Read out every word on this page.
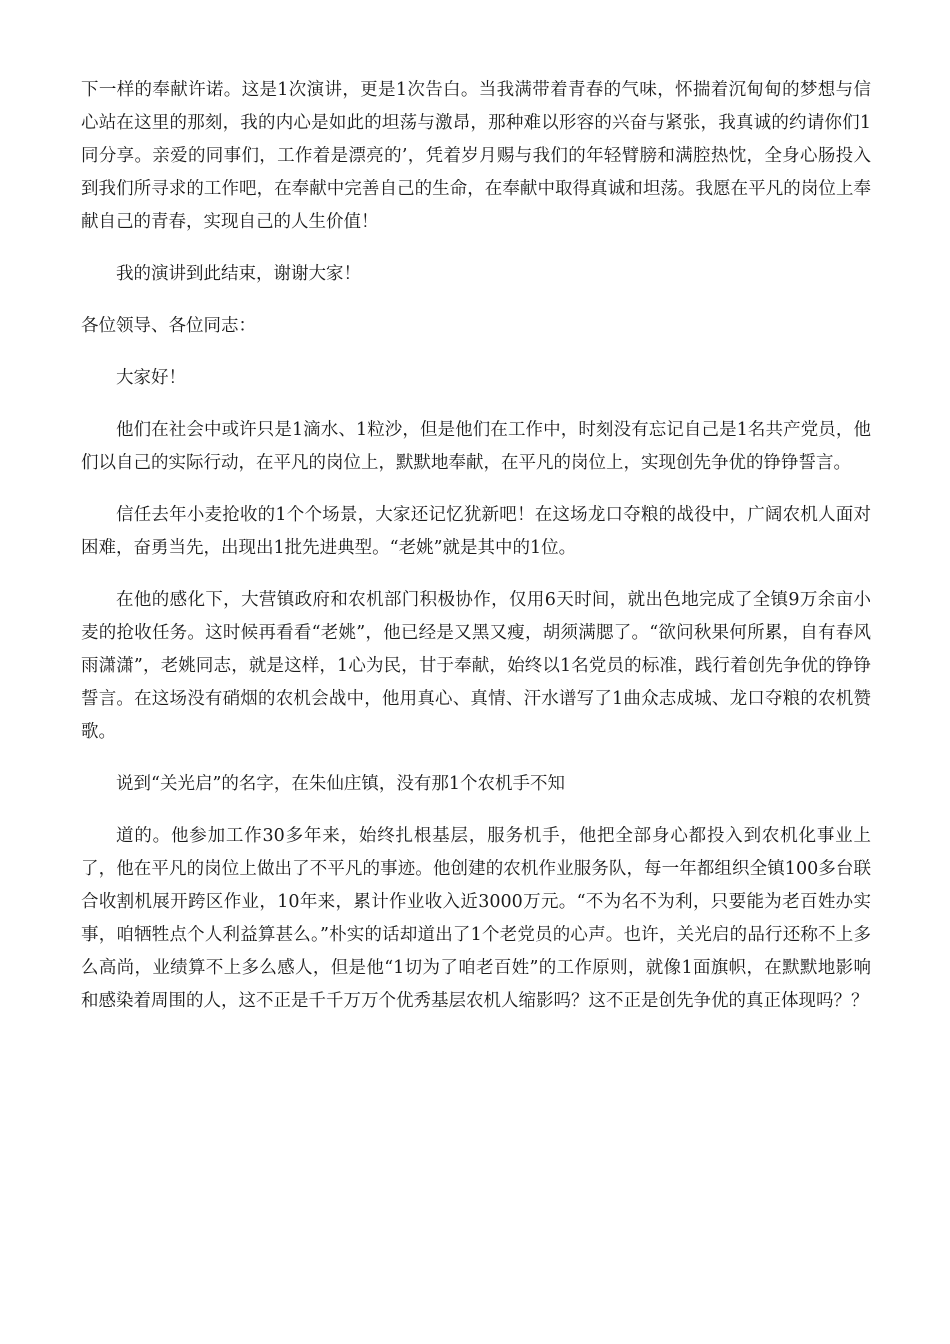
下一样的奉献许诺。这是1次演讲，更是1次告白。当我满带着青春的气味，怀揣着沉甸甸的梦想与信心站在这里的那刻，我的内心是如此的坦荡与激昂，那种难以形容的兴奋与紧张，我真诚的约请你们1同分享。亲爱的同事们，工作着是漂亮的’，凭着岁月赐与我们的年轻臂膀和满腔热忱，全身心肠投入到我们所寻求的工作吧，在奉献中完善自己的生命，在奉献中取得真诚和坦荡。我愿在平凡的岗位上奉献自己的青春，实现自己的人生价值！

我的演讲到此结束，谢谢大家！

各位领导、各位同志：

大家好！

他们在社会中或许只是1滴水、1粒沙，但是他们在工作中，时刻没有忘记自己是1名共产党员，他们以自己的实际行动，在平凡的岗位上，默默地奉献，在平凡的岗位上，实现创先争优的铮铮誓言。

信任去年小麦抢收的1个个场景，大家还记忆犹新吧！在这场龙口夺粮的战役中，广阔农机人面对困难，奋勇当先，出现出1批先进典型。“老姚”就是其中的1位。

在他的感化下，大营镇政府和农机部门积极协作，仅用6天时间，就出色地完成了全镇9万余亩小麦的抢收任务。这时候再看看“老姚”，他已经是又黑又瘦，胡须满腮了。“欲问秋果何所累，自有春风雨潇潇”，老姚同志，就是这样，1心为民，甘于奉献，始终以1名党员的标准，践行着创先争优的铮铮誓言。在这场没有硝烟的农机会战中，他用真心、真情、汗水谱写了1曲众志成城、龙口夺粮的农机赞歌。

说到“关光启”的名字，在朱仙庄镇，没有那1个农机手不知

道的。他参加工作30多年来，始终扎根基层，服务机手，他把全部身心都投入到农机化事业上了，他在平凡的岗位上做出了不平凡的事迹。他创建的农机作业服务队，每一年都组织全镇100多台联合收割机展开跨区作业，10年来，累计作业收入近3000万元。“不为名不为利，只要能为老百姓办实事，咱牺牲点个人利益算甚么。”朴实的话却道出了1个老党员的心声。也许，关光启的品行还称不上多么高尚，业绩算不上多么感人，但是他“1切为了咱老百姓”的工作原则，就像1面旗帜，在默默地影响和感染着周围的人，这不正是千千万万个优秀基层农机人缩影吗？这不正是创先争优的真正体现吗？？
